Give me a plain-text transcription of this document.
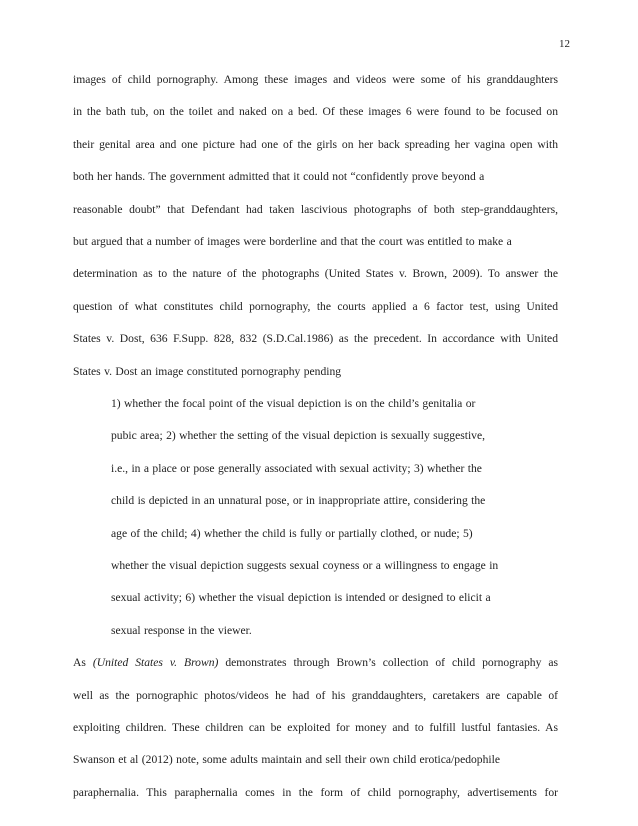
12
images of child pornography. Among these images and videos were some of his granddaughters
in the bath tub, on the toilet and naked on a bed. Of these images 6 were found to be focused on
their genital area and one picture had one of the girls on her back spreading her vagina open with
both her hands. The government admitted that it could not “confidently prove beyond a
reasonable doubt” that Defendant had taken lascivious photographs of both step-granddaughters,
but argued that a number of images were borderline and that the court was entitled to make a
determination as to the nature of the photographs (United States v. Brown, 2009). To answer the
question of what constitutes child pornography, the courts applied a 6 factor test, using United
States v. Dost, 636 F.Supp. 828, 832 (S.D.Cal.1986) as the precedent. In accordance with United
States v. Dost an image constituted pornography pending
1) whether the focal point of the visual depiction is on the child’s genitalia or
pubic area; 2) whether the setting of the visual depiction is sexually suggestive,
i.e., in a place or pose generally associated with sexual activity; 3) whether the
child is depicted in an unnatural pose, or in inappropriate attire, considering the
age of the child; 4) whether the child is fully or partially clothed, or nude; 5)
whether the visual depiction suggests sexual coyness or a willingness to engage in
sexual activity; 6) whether the visual depiction is intended or designed to elicit a
sexual response in the viewer.
As (United States v. Brown) demonstrates through Brown’s collection of child pornography as
well as the pornographic photos/videos he had of his granddaughters, caretakers are capable of
exploiting children. These children can be exploited for money and to fulfill lustful fantasies. As
Swanson et al (2012) note, some adults maintain and sell their own child erotica/pedophile
paraphernalia. This paraphernalia comes in the form of child pornography, advertisements for
